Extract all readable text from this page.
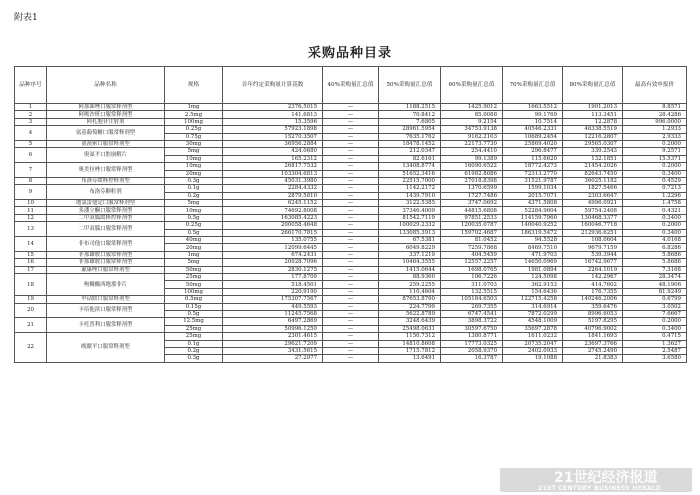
附表1
采购品种目录
品种序号	品种名称	规格	首年约定采购量计算基数	40%采购量汇总值	50%采购量汇总值	60%采购量汇总值	70%采购量汇总值	80%采购量汇总值	最高有效申报价
1	阿那曲唑口服常释剂型	1mg	2376.5015	—	1188.2515	1425.9012	1663.5512	1901.2013	8.8571
2	阿哌沙班口服常释剂型	2.5mg	141.6813	—	70.8412	85.0088	99.1769	113.3451	28.4286
3	阿扎胞苷注射剂	100mg	15.3596	—	7.6805	9.2154	10.7514	12.2878	996.0000
4	氨基葡萄糖口服常释剂型	0.25g	57923.1898	—	28961.5954	34753.9138	40546.2331	46338.5519	1.2933
		0.75g	15270.3507	—	7635.1762	9162.2103	10689.2454	12216.2807	2.9333
5	氨溴索口服常释剂型	30mg	36956.2884	—	18478.1452	22173.7730	25869.4020	29565.0307	0.2000
6	奥氮平口腔崩解片	5mg	424.0680	—	212.0347	254.4410	296.8477	339.2543	9.2571
		10mg	165.2312	—	82.6161	99.1389	115.6620	132.1851	15.5371
7	奥美拉唑口服常释剂型	10mg	26817.7532	—	13408.8774	16090.6522	18772.4273	21454.2026	0.2000
		20mg	103304.6813	—	51652.3416	61982.8086	72313.2770	82643.7450	0.3400
8	布洛芬缓释控释剂型	0.3g	45031.3980	—	22515.7000	27018.8398	31521.9787	36025.1182	0.4529
9	布洛芬颗粒剂	0.1g	2284.4332	—	1142.2172	1370.6599	1599.1034	1827.5466	0.7213
		0.2g	2879.5810	—	1439.7910	1727.7486	2015.7071	2303.6647	1.2296
10	地氯雷他定口服常释剂型	5mg	6245.1152	—	3122.5385	3747.0692	4371.5808	4996.0921	1.4758
11	多潘立酮口服常释剂型	10mg	74692.8008	—	37346.4009	44815.6808	52284.9604	59754.2408	0.4321
12	二甲双胍缓释控释剂型	0.5g	163085.4223	—	81542.7119	97851.2533	114159.7960	130468.3377	0.3400
13	二甲双胍口服常释剂型	0.25g	200058.4648	—	100029.2332	120035.0787	140040.9252	160046.7718	0.2000
		0.5g	266170.7815	—	133085.3913	159702.4687	186319.5472	212936.6251	0.3400
14	非布司他口服常释剂型	40mg	135.0755	—	67.5381	81.0452	94.5528	108.0604	4.0168
		20mg	12099.6445	—	6049.8229	7259.7868	8469.7510	9679.7159	6.8286
15	非那雄胺口服常释剂型	1mg	674.2431	—	337.1219	404.5459	471.9703	539.3944	5.8686
16	非那雄胺口服常释剂型	5mg	20928.7096	—	10464.3555	12557.2257	14650.0969	16742.9677	5.8686
17	氟康唑口服常释剂型	50mg	2830.1275	—	1415.0644	1698.0765	1981.0894	2264.1019	7.3168
18	枸橼酸西地那非片	25mg	177.8709	—	88.9360	106.7226	124.5098	142.2967	28.3474
		50mg	518.4501	—	259.2255	311.0703	362.9153	414.7602	48.1906
		100mg	220.9190	—	110.4604	132.5515	154.6436	176.7355	81.9249
19	甲钴胺口服常释剂型	0.5mg	175307.7567	—	87653.8760	105184.6503	122715.4258	140246.2006	0.6799
20	卡培他滨口服常释剂型	0.15g	449.5593	—	224.7799	269.7355	314.6914	359.6476	3.0502
		0.5g	11245.7568	—	5622.8789	6747.4541	7872.0299	8996.6053	7.6667
21	卡托普利口服常释剂型	12.5mg	6497.2869	—	3248.6439	3898.3722	4548.1009	5197.8295	0.2000
		25mg	50996.1250	—	25498.0631	30597.6750	35697.2878	40796.9002	0.3400
22	晚眠平口服常释剂型	25mg	2301.4615	—	1150.7312	1380.8771	1611.0232	1841.1693	0.4715
		0.1g	29621.7209	—	14810.8608	17773.0325	20735.2047	23697.3766	1.3627
		0.2g	3431.5615	—	1715.7812	2058.9370	2402.0933	2745.2490	2.5487
		0.3g	27.2977	—	13.6491	16.3787	19.1088	21.8383	3.6580
21世纪经济报道
21ST CENTURY BUSINESS HERALD
